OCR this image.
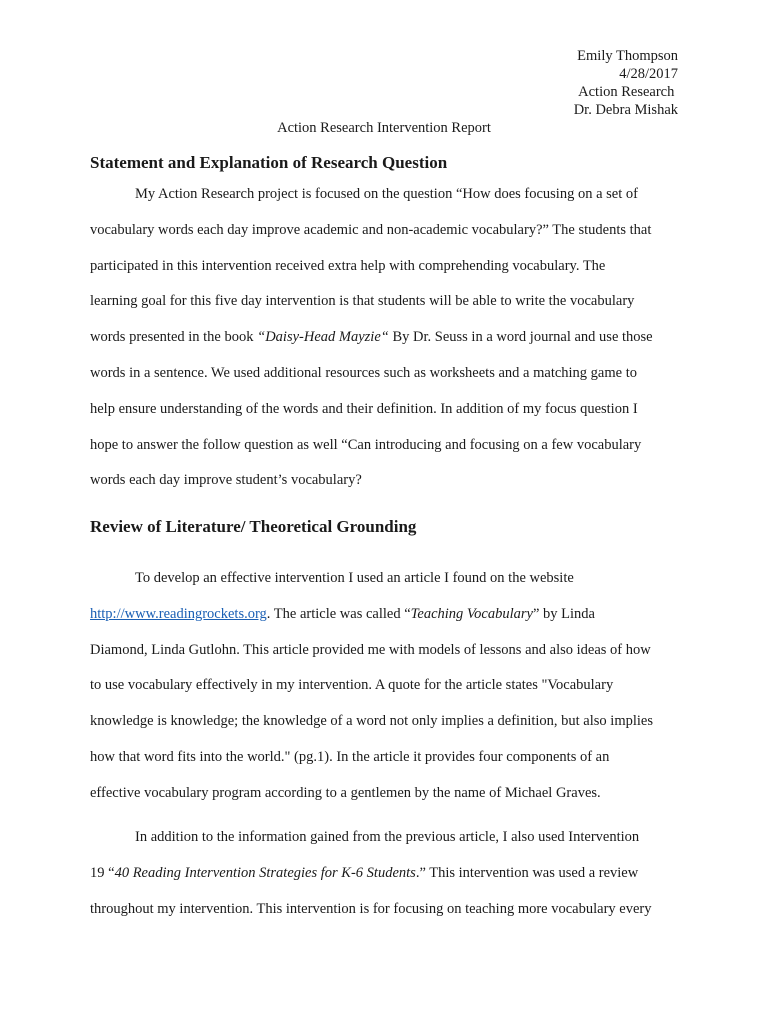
Emily Thompson
4/28/2017
Action Research
Dr. Debra Mishak
Action Research Intervention Report
Statement and Explanation of Research Question
My Action Research project is focused on the question “How does focusing on a set of
vocabulary words each day improve academic and non-academic vocabulary?” The students that
participated in this intervention received extra help with comprehending vocabulary. The
learning goal for this five day intervention is that students will be able to write the vocabulary
words presented in the book “Daisy-Head Mayzie“ By Dr. Seuss in a word journal and use those
words in a sentence. We used additional resources such as worksheets and a matching game to
help ensure understanding of the words and their definition. In addition of my focus question I
hope to answer the follow question as well “Can introducing and focusing on a few vocabulary
words each day improve student’s vocabulary?
Review of Literature/ Theoretical Grounding
To develop an effective intervention I used an article I found on the website
http://www.readingrockets.org. The article was called “Teaching Vocabulary” by Linda
Diamond, Linda Gutlohn. This article provided me with models of lessons and also ideas of how
to use vocabulary effectively in my intervention. A quote for the article states "Vocabulary
knowledge is knowledge; the knowledge of a word not only implies a definition, but also implies
how that word fits into the world." (pg.1). In the article it provides four components of an
effective vocabulary program according to a gentlemen by the name of Michael Graves.
In addition to the information gained from the previous article, I also used Intervention
19 “40 Reading Intervention Strategies for K-6 Students.” This intervention was used a review
throughout my intervention. This intervention is for focusing on teaching more vocabulary every
